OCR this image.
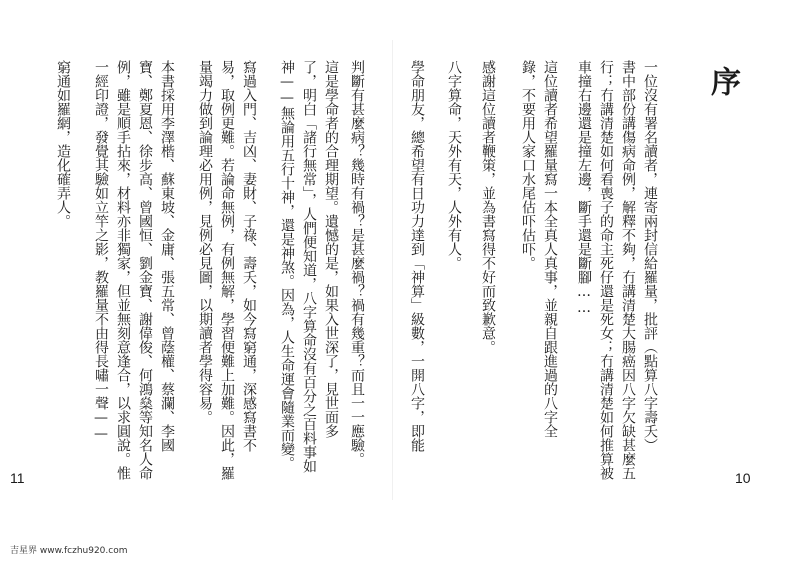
序
一位沒有署名讀者，連寄兩封信給羅量，批評（點算八字壽夭）
書中部份講傷病命例，解釋不夠，冇講清楚大腸癌因八字欠缺甚麼五
行；冇講清楚如何看喪子的命主死仔還是死女；冇講清楚如何推算被
車撞右邊還是撞左邊，斷手還是斷腳……
這位讀者希望羅量寫一本全真人真事，並親自跟進過的八字全
錄，不要用人家口水尾估吓估吓。
感謝這位讀者鞭策，並為書寫得不好而致歉意。
八字算命，天外有天，人外有人。
學命朋友，總希望有日功力達到「神算」級數，一開八字，即能
判斷有甚麼病？幾時有禍？是甚麼禍？禍有幾重？而且一一應驗。
這是學命者的合理期望。遺憾的是，如果入世深了，見世面多
了，明白「諸行無常」，人們便知道，八字算命沒有百分之百料事如
神——無論用五行十神，還是神煞。因為，人生命運會隨業而變。
寫過入門、吉凶、妻財、子祿、壽夭，如今寫窮通，深感寫書不
易，取例更難。若論命無例，有例無解，學習便難上加難。因此，羅
量竭力做到論理必用例，見例必見圖，以期讀者學得容易。
本書採用李澤楷、蘇東坡、金庸、張五常、曾蔭權、蔡瀾、李國
寶、鄭夏恩、徐步高、曾國恒、劉金寶、謝偉俊、何鴻燊等知名人命
例，雖是順手拈來，材料亦非獨家，但並無刻意逢合，以求圓說。惟
一經印證，發覺其驗如立竿之影，教羅量不由得長嘯一聲——
窮通如羅網，造化確弄人。
11	10
吉星界 www.fczhu920.com
